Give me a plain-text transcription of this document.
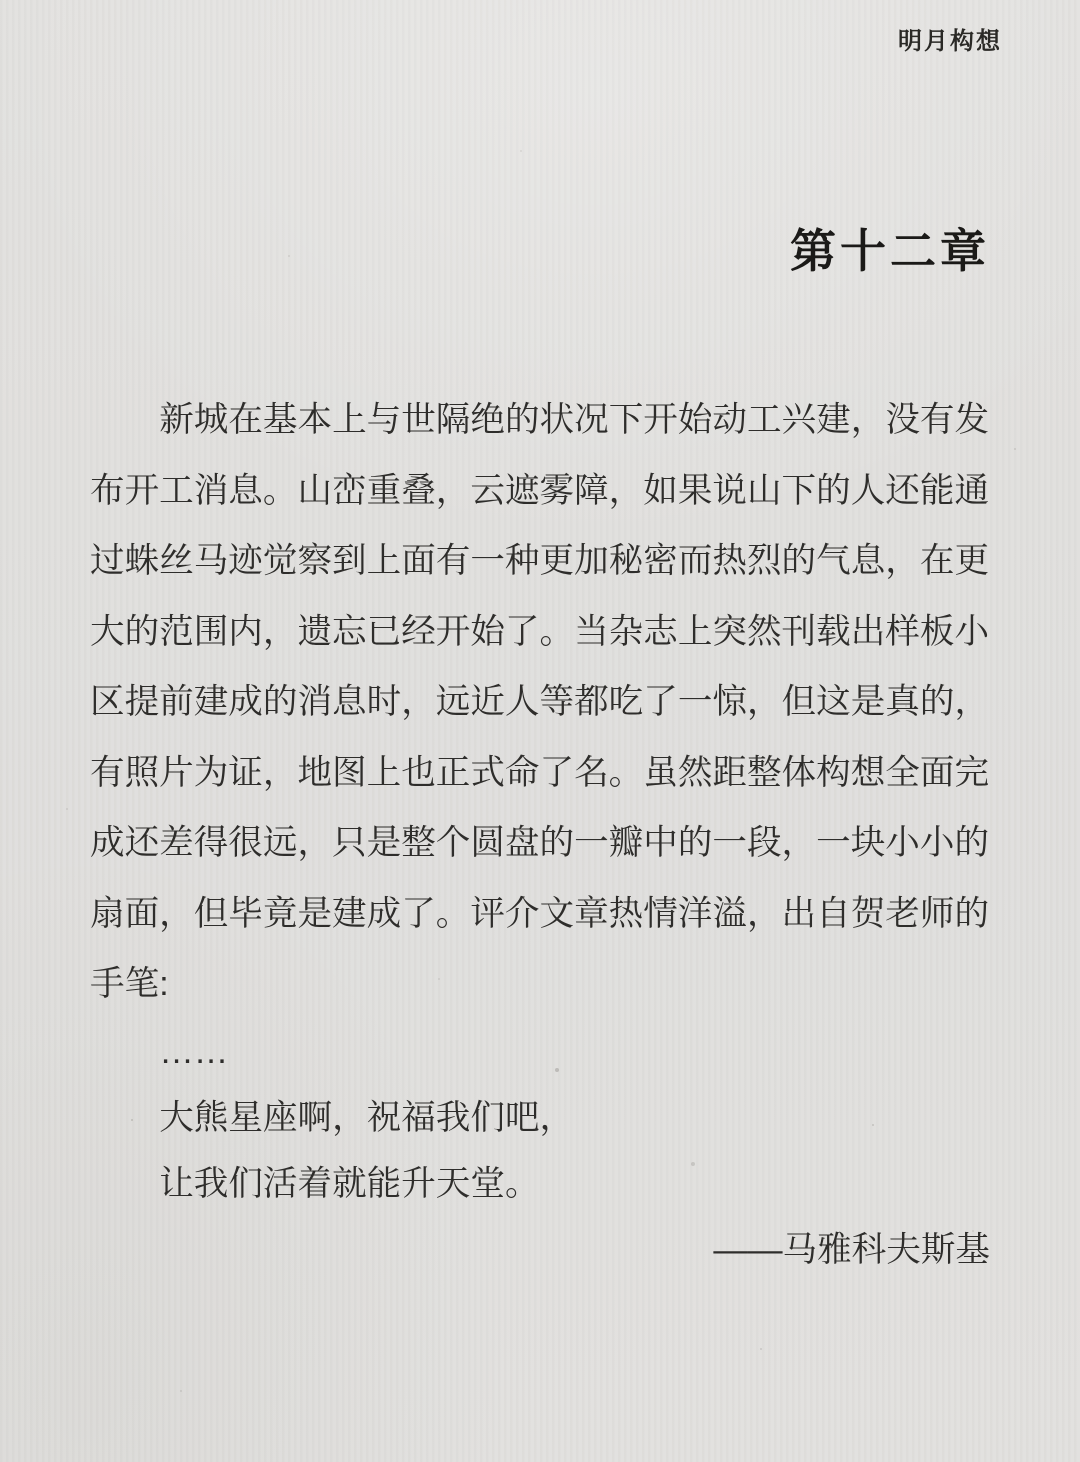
明月构想
第十二章
新城在基本上与世隔绝的状况下开始动工兴建，没有发
布开工消息。山峦重叠，云遮雾障，如果说山下的人还能通
过蛛丝马迹觉察到上面有一种更加秘密而热烈的气息，在更
大的范围内，遗忘已经开始了。当杂志上突然刊载出样板小
区提前建成的消息时，远近人等都吃了一惊，但这是真的，
有照片为证，地图上也正式命了名。虽然距整体构想全面完
成还差得很远，只是整个圆盘的一瓣中的一段，一块小小的
扇面，但毕竟是建成了。评介文章热情洋溢，出自贺老师的
手笔:
……
大熊星座啊，祝福我们吧，
让我们活着就能升天堂。
——马雅科夫斯基
